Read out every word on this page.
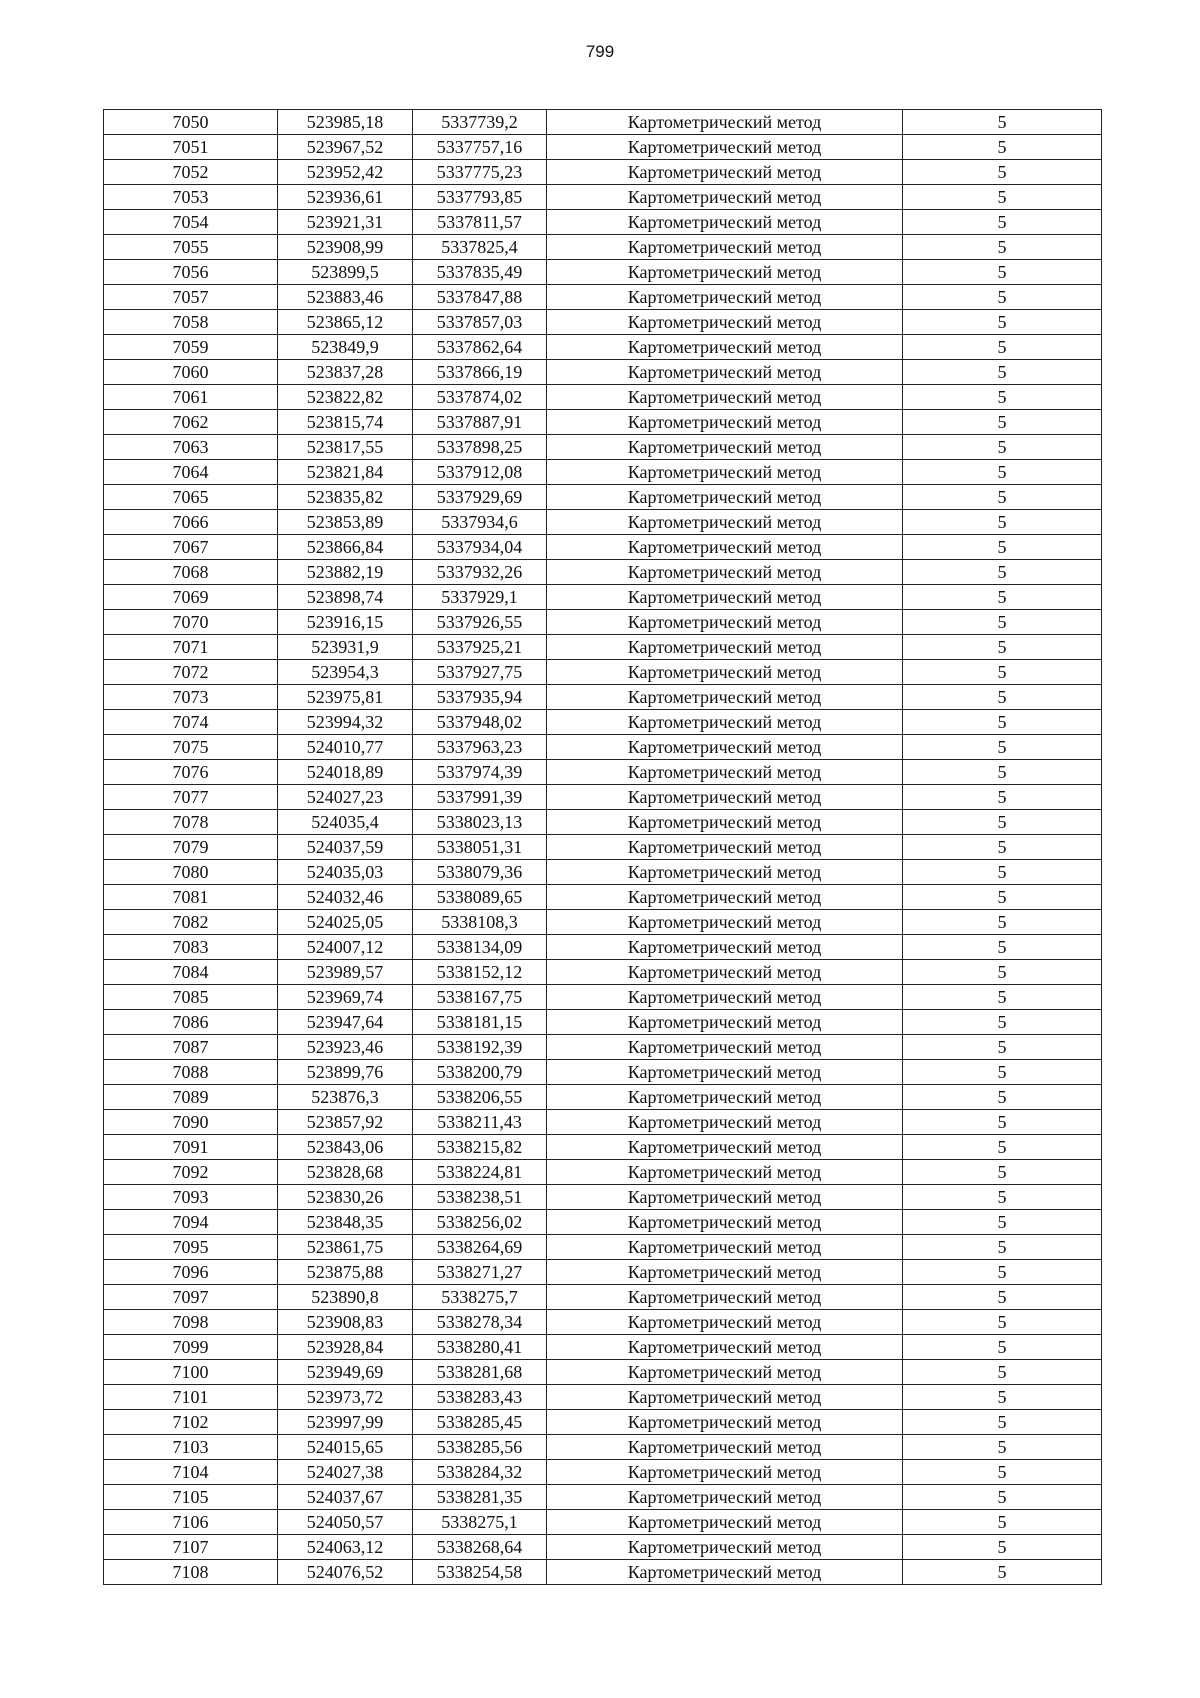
799
7050	523985,18	5337739,2	Картометрический метод	5
7051	523967,52	5337757,16	Картометрический метод	5
7052	523952,42	5337775,23	Картометрический метод	5
7053	523936,61	5337793,85	Картометрический метод	5
7054	523921,31	5337811,57	Картометрический метод	5
7055	523908,99	5337825,4	Картометрический метод	5
7056	523899,5	5337835,49	Картометрический метод	5
7057	523883,46	5337847,88	Картометрический метод	5
7058	523865,12	5337857,03	Картометрический метод	5
7059	523849,9	5337862,64	Картометрический метод	5
7060	523837,28	5337866,19	Картометрический метод	5
7061	523822,82	5337874,02	Картометрический метод	5
7062	523815,74	5337887,91	Картометрический метод	5
7063	523817,55	5337898,25	Картометрический метод	5
7064	523821,84	5337912,08	Картометрический метод	5
7065	523835,82	5337929,69	Картометрический метод	5
7066	523853,89	5337934,6	Картометрический метод	5
7067	523866,84	5337934,04	Картометрический метод	5
7068	523882,19	5337932,26	Картометрический метод	5
7069	523898,74	5337929,1	Картометрический метод	5
7070	523916,15	5337926,55	Картометрический метод	5
7071	523931,9	5337925,21	Картометрический метод	5
7072	523954,3	5337927,75	Картометрический метод	5
7073	523975,81	5337935,94	Картометрический метод	5
7074	523994,32	5337948,02	Картометрический метод	5
7075	524010,77	5337963,23	Картометрический метод	5
7076	524018,89	5337974,39	Картометрический метод	5
7077	524027,23	5337991,39	Картометрический метод	5
7078	524035,4	5338023,13	Картометрический метод	5
7079	524037,59	5338051,31	Картометрический метод	5
7080	524035,03	5338079,36	Картометрический метод	5
7081	524032,46	5338089,65	Картометрический метод	5
7082	524025,05	5338108,3	Картометрический метод	5
7083	524007,12	5338134,09	Картометрический метод	5
7084	523989,57	5338152,12	Картометрический метод	5
7085	523969,74	5338167,75	Картометрический метод	5
7086	523947,64	5338181,15	Картометрический метод	5
7087	523923,46	5338192,39	Картометрический метод	5
7088	523899,76	5338200,79	Картометрический метод	5
7089	523876,3	5338206,55	Картометрический метод	5
7090	523857,92	5338211,43	Картометрический метод	5
7091	523843,06	5338215,82	Картометрический метод	5
7092	523828,68	5338224,81	Картометрический метод	5
7093	523830,26	5338238,51	Картометрический метод	5
7094	523848,35	5338256,02	Картометрический метод	5
7095	523861,75	5338264,69	Картометрический метод	5
7096	523875,88	5338271,27	Картометрический метод	5
7097	523890,8	5338275,7	Картометрический метод	5
7098	523908,83	5338278,34	Картометрический метод	5
7099	523928,84	5338280,41	Картометрический метод	5
7100	523949,69	5338281,68	Картометрический метод	5
7101	523973,72	5338283,43	Картометрический метод	5
7102	523997,99	5338285,45	Картометрический метод	5
7103	524015,65	5338285,56	Картометрический метод	5
7104	524027,38	5338284,32	Картометрический метод	5
7105	524037,67	5338281,35	Картометрический метод	5
7106	524050,57	5338275,1	Картометрический метод	5
7107	524063,12	5338268,64	Картометрический метод	5
7108	524076,52	5338254,58	Картометрический метод	5
